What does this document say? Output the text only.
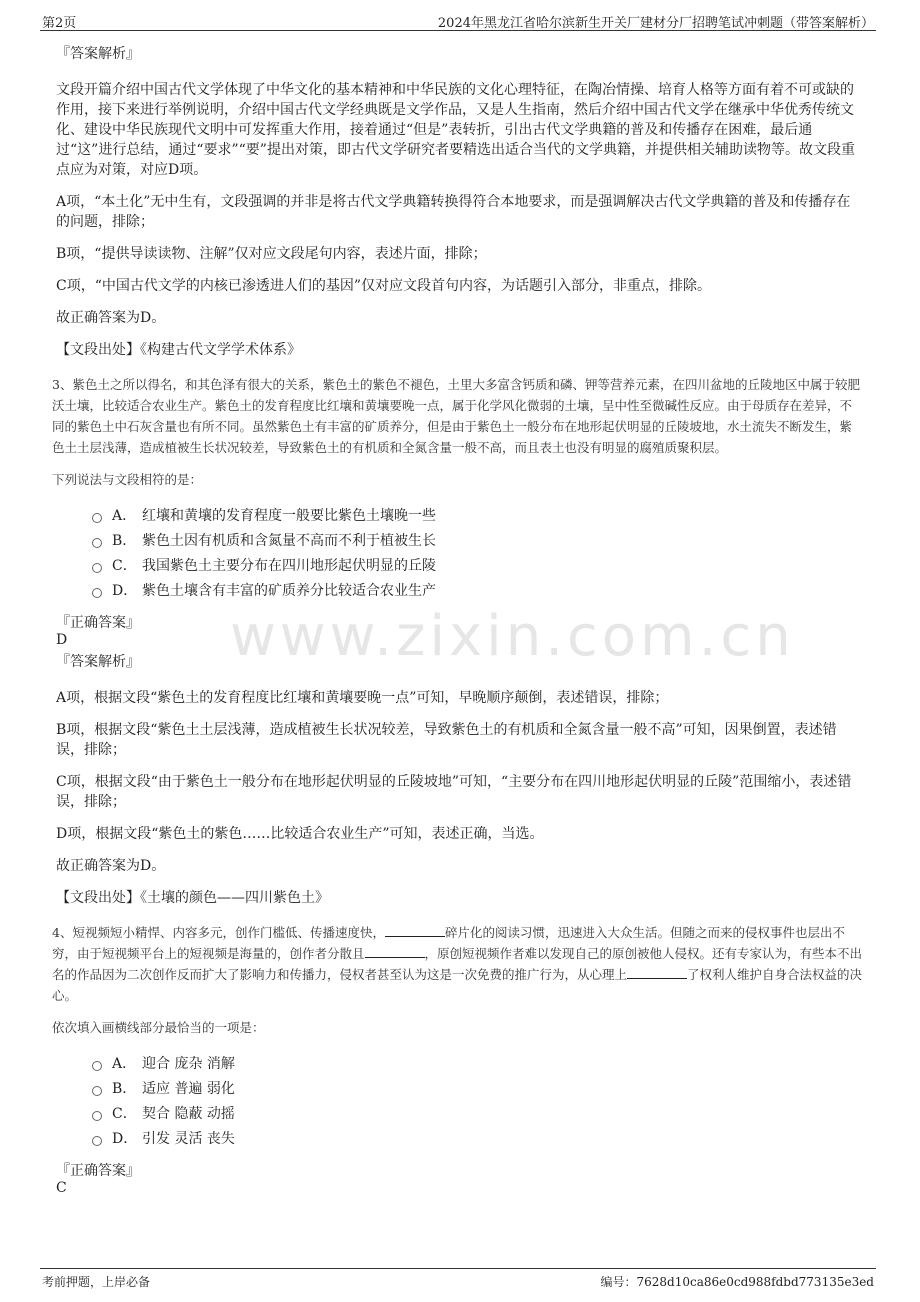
第2页	2024年黑龙江省哈尔滨新生开关厂建材分厂招聘笔试冲刺题（带答案解析）
www.zixin.com.cn
『答案解析』
文段开篇介绍中国古代文学体现了中华文化的基本精神和中华民族的文化心理特征，在陶冶情操、培育人格等方面有着不可或缺的作用，接下来进行举例说明，介绍中国古代文学经典既是文学作品，又是人生指南，然后介绍中国古代文学在继承中华优秀传统文化、建设中华民族现代文明中可发挥重大作用，接着通过“但是”表转折，引出古代文学典籍的普及和传播存在困难，最后通过“这”进行总结，通过“要求”“要”提出对策，即古代文学研究者要精选出适合当代的文学典籍，并提供相关辅助读物等。故文段重点应为对策，对应D项。
A项，“本土化”无中生有，文段强调的并非是将古代文学典籍转换得符合本地要求，而是强调解决古代文学典籍的普及和传播存在的问题，排除；
B项，“提供导读读物、注解”仅对应文段尾句内容，表述片面，排除；
C项，“中国古代文学的内核已渗透进人们的基因”仅对应文段首句内容，为话题引入部分，非重点，排除。
故正确答案为D。
【文段出处】《构建古代文学学术体系》
3、紫色土之所以得名，和其色泽有很大的关系，紫色土的紫色不褪色，土里大多富含钙质和磷、钾等营养元素，在四川盆地的丘陵地区中属于较肥沃土壤，比较适合农业生产。紫色土的发育程度比红壤和黄壤要晚一点，属于化学风化微弱的土壤，呈中性至微碱性反应。由于母质存在差异，不同的紫色土中石灰含量也有所不同。虽然紫色土有丰富的矿质养分，但是由于紫色土一般分布在地形起伏明显的丘陵坡地，水土流失不断发生，紫色土土层浅薄，造成植被生长状况较差，导致紫色土的有机质和全氮含量一般不高，而且表土也没有明显的腐殖质聚积层。
下列说法与文段相符的是：
A． 红壤和黄壤的发育程度一般要比紫色土壤晚一些
B． 紫色土因有机质和含氮量不高而不利于植被生长
C． 我国紫色土主要分布在四川地形起伏明显的丘陵
D． 紫色土壤含有丰富的矿质养分比较适合农业生产
『正确答案』
D
『答案解析』
A项，根据文段“紫色土的发育程度比红壤和黄壤要晚一点”可知，早晚顺序颠倒，表述错误，排除；
B项，根据文段“紫色土土层浅薄，造成植被生长状况较差，导致紫色土的有机质和全氮含量一般不高”可知，因果倒置，表述错误，排除；
C项，根据文段“由于紫色土一般分布在地形起伏明显的丘陵坡地”可知，“主要分布在四川地形起伏明显的丘陵”范围缩小，表述错误，排除；
D项，根据文段“紫色土的紫色……比较适合农业生产”可知，表述正确，当选。
故正确答案为D。
【文段出处】《土壤的颜色——四川紫色土》
4、短视频短小精悍、内容多元，创作门槛低、传播速度快，	碎片化的阅读习惯，迅速进入大众生活。但随之而来的侵权事件也层出不穷，由于短视频平台上的短视频是海量的，创作者分散且	，原创短视频作者难以发现自己的原创被他人侵权。还有专家认为，有些本不出名的作品因为二次创作反而扩大了影响力和传播力，侵权者甚至认为这是一次免费的推广行为，从心理上	了权利人维护自身合法权益的决心。
依次填入画横线部分最恰当的一项是：
A． 迎合 庞杂 消解
B． 适应 普遍 弱化
C． 契合 隐蔽 动摇
D． 引发 灵活 丧失
『正确答案』
C
考前押题，上岸必备	编号：7628d10ca86e0cd988fdbd773135e3ed
